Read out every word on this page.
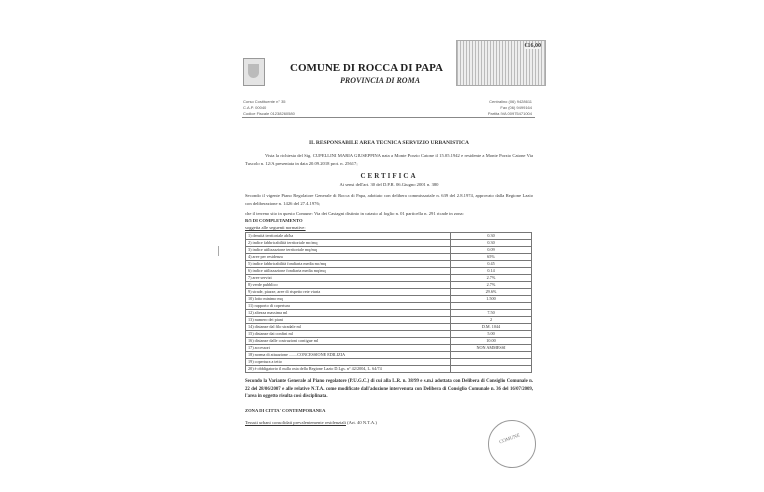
COMUNE DI ROCCA DI PAPA
PROVINCIA DI ROMA
€16,00
Corso Costituente n° 35
C.A.P. 00040
Codice Fiscale 01238260580
Centralino (06) 9428611
Fax (06) 9499164
Partita IVA 00975471004
IL RESPONSABILE AREA TECNICA SERVIZIO URBANISTICA
Vista la richiesta del Sig. CUPELLINI MARIA GIUSEPPINA nata a Monte Porzio Catone il 15.05.1942 e residente a Monte Porzio Catone Via Tuscolo n. 12/A presentata in data 20.09.2018 prot. n. 25617;
CERTIFICA
Ai sensi dell'art. 30 del D.P.R. 06.Giugno 2001 n. 380
Secondo il vigente Piano Regolatore Generale di Rocca di Papa, adottato con delibera commissariale n. 639 del 2.8.1974, approvato dalla Regione Lazio con deliberazione n. 1426 del 27.4.1976;
che il terreno sito in questo Comune: Via dei Castagni distinto in catasto al foglio n. 01 particella n. 291 ricade in zona:
B/5 DI COMPLETAMENTO
soggetta alle seguenti normative:
1) densità territoriale ab/ha	0.30
2) indice fabbricabilità territoriale mc/mq	0.30
3) indice utilizzazione territoriale mq/mq	0.09
4) aree per residenza	65%
5) indice fabbricabilità fondiaria media mc/mq	0.45
6) indice utilizzazione fondiaria media mq/mq	0.14
7) aree servizi	2.7%
8) verde pubblico	2.7%
9) strade, piazze, aree di rispetto rete viaria	29.6%
10) lotto minimo mq	1.500
11) rapporto di copertura	
12) altezza massima ml	7.50
13) numero dei piani	2
14) distanze dal filo stradale ml	D.M. 1044
15) distanze dai confini ml	5.00
16) distanze dalle costruzioni contigue ml	10.00
17) accessori	NON AMMESSI
18) norma di attuazione ........CONCESSIONE EDILIZIA	
19) copertura a tetto	
20) è obbligatorio il nulla osta della Regione Lazio D.Lgs. n° 42/2004, L. 64/74	
Secondo la Variante Generale al Piano regolatore (P.U.G.C.) di cui alla L.R. n. 38/99 e s.m.i adottata con Delibera di Consiglio Comunale n. 22 del 28/06/2007 e alle relative N.T.A. come modificate dall'adozione intervenuta con Delibera di Consiglio Comunale n. 36 del 16/07/2009, l'area in oggetto risulta così disciplinata.
ZONA DI CITTA' CONTEMPORANEA
Tessuti urbani consolidati prevalentemente residenziali (Art. 40 N.T.A.)
COMUNE
